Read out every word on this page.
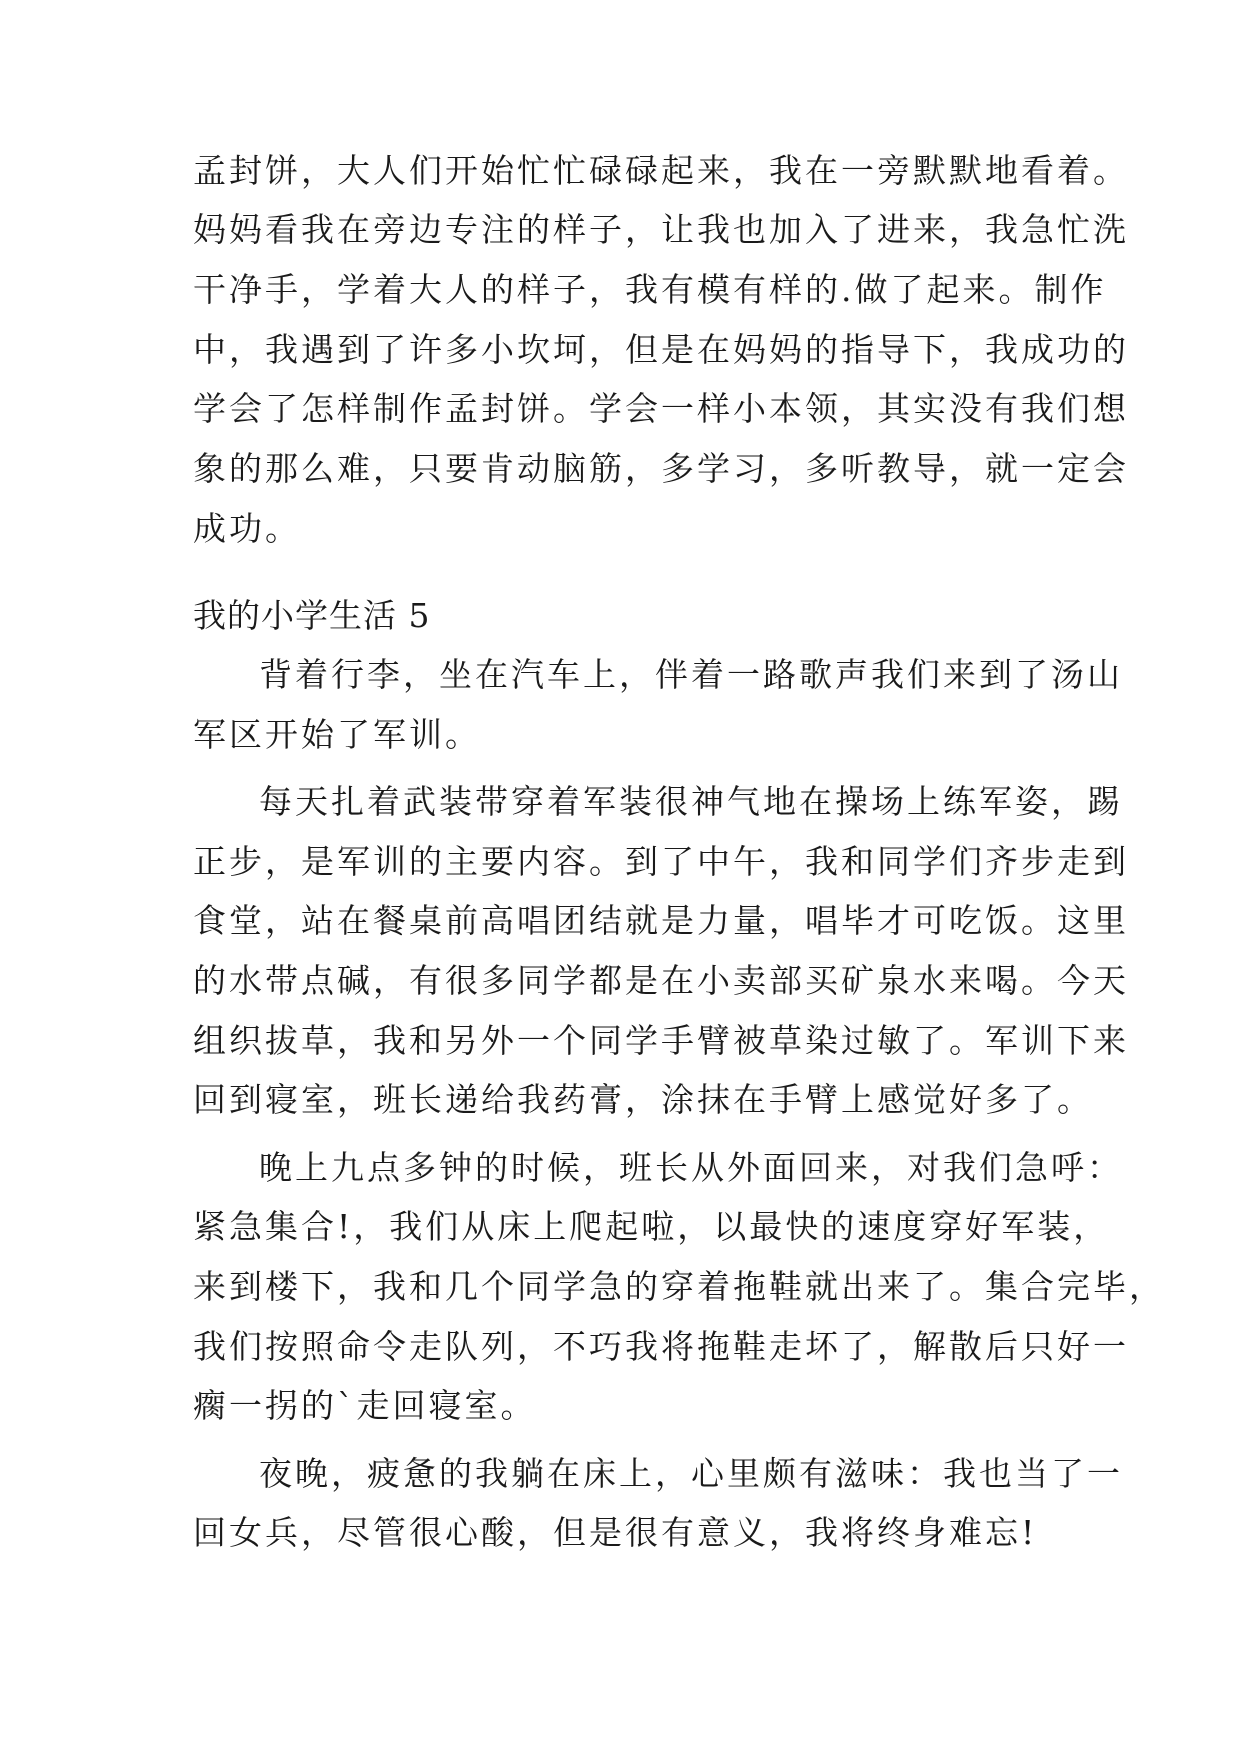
孟封饼，大人们开始忙忙碌碌起来，我在一旁默默地看着。

妈妈看我在旁边专注的样子，让我也加入了进来，我急忙洗

干净手，学着大人的样子，我有模有样的.做了起来。制作

中，我遇到了许多小坎坷，但是在妈妈的指导下，我成功的

学会了怎样制作孟封饼。学会一样小本领，其实没有我们想

象的那么难，只要肯动脑筋，多学习，多听教导，就一定会

成功。

我的小学生活 5

背着行李，坐在汽车上，伴着一路歌声我们来到了汤山

军区开始了军训。

每天扎着武装带穿着军装很神气地在操场上练军姿，踢

正步，是军训的主要内容。到了中午，我和同学们齐步走到

食堂，站在餐桌前高唱团结就是力量，唱毕才可吃饭。这里

的水带点碱，有很多同学都是在小卖部买矿泉水来喝。今天

组织拔草，我和另外一个同学手臂被草染过敏了。军训下来

回到寝室，班长递给我药膏，涂抹在手臂上感觉好多了。

晚上九点多钟的时候，班长从外面回来，对我们急呼：

紧急集合!，我们从床上爬起啦，以最快的速度穿好军装，

来到楼下，我和几个同学急的穿着拖鞋就出来了。集合完毕，

我们按照命令走队列，不巧我将拖鞋走坏了，解散后只好一

瘸一拐的`走回寝室。

夜晚，疲惫的我躺在床上，心里颇有滋味：我也当了一

回女兵，尽管很心酸，但是很有意义，我将终身难忘!
